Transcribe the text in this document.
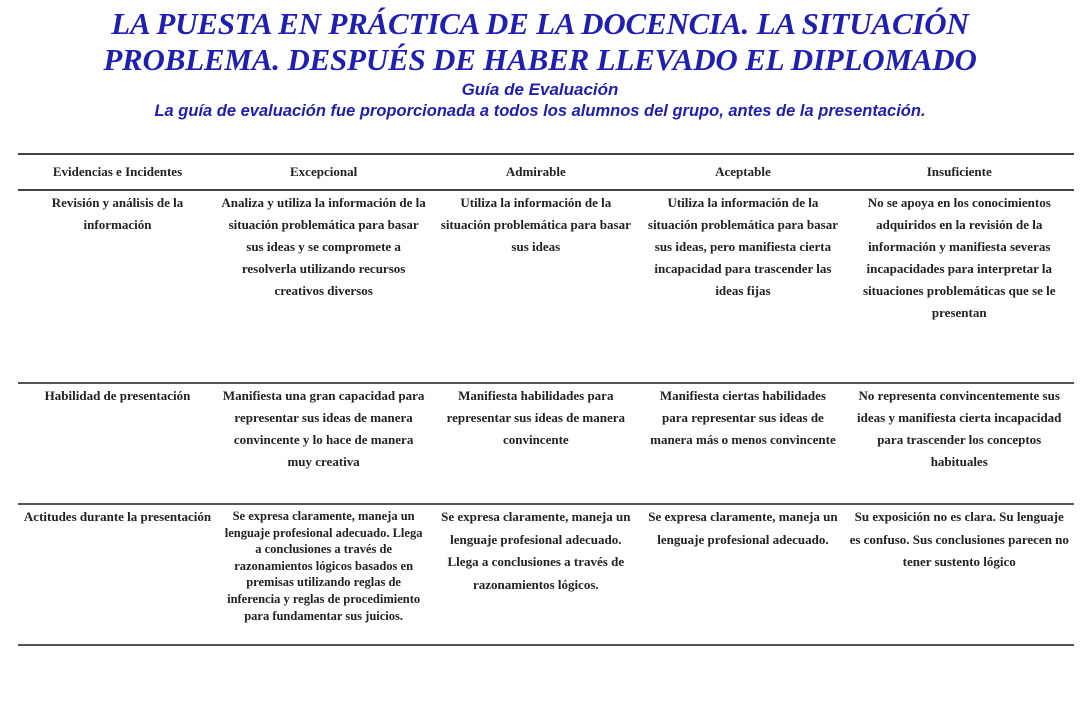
LA PUESTA EN PRÁCTICA DE LA DOCENCIA. LA SITUACIÓN
PROBLEMA. DESPUÉS DE HABER LLEVADO EL DIPLOMADO
Guía de Evaluación
La guía de evaluación fue proporcionada a todos los alumnos del grupo, antes de la presentación.
Evidencias e Incidentes	Excepcional	Admirable	Aceptable	Insuficiente
Revisión y análisis de la información	Analiza y utiliza la información de la situación problemática para basar sus ideas y se compromete a resolverla utilizando recursos creativos diversos	Utiliza la información de la situación problemática para basar sus ideas	Utiliza la información de la situación problemática para basar sus ideas, pero manifiesta cierta incapacidad para trascender las ideas fijas	No se apoya en los conocimientos adquiridos en la revisión de la información y manifiesta severas incapacidades para interpretar la situaciones problemáticas que se le presentan
Habilidad de presentación	Manifiesta una gran capacidad para representar sus ideas de manera convincente y lo hace de manera muy creativa	Manifiesta habilidades para representar sus ideas de manera convincente	Manifiesta ciertas habilidades para representar sus ideas de manera más o menos convincente	No representa convincentemente sus ideas y manifiesta cierta incapacidad para trascender los conceptos habituales
Actitudes durante la presentación	Se expresa claramente, maneja un lenguaje profesional adecuado. Llega a conclusiones a través de razonamientos lógicos basados en premisas utilizando reglas de inferencia y reglas de procedimiento para fundamentar sus juicios.	Se expresa claramente, maneja un lenguaje profesional adecuado. Llega a conclusiones a través de razonamientos lógicos.	Se expresa claramente, maneja un lenguaje profesional adecuado.	Su exposición no es clara. Su lenguaje es confuso. Sus conclusiones parecen no tener sustento lógico
